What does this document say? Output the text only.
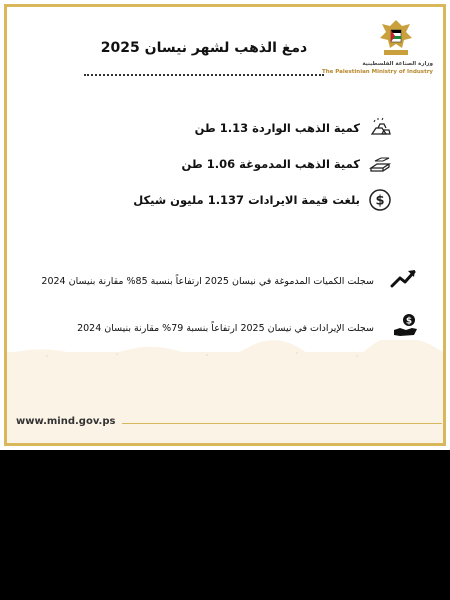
وزارة الصناعة الفلسطينية
The Palestinian Ministry of Industry
دمغ الذهب لشهر نيسان 2025
كمية الذهب الواردة 1.13 طن
كمية الذهب المدموغة 1.06 طن
$
بلغت قيمة الايرادات 1.137 مليون شيكل
سجلت الكميات المدموغة في نيسان 2025 ارتفاعاً بنسبة 85% مقارنة بنيسان 2024
$
سجلت الإيرادات في نيسان 2025 ارتفاعاً بنسبة 79% مقارنة بنيسان 2024
www.mind.gov.ps
